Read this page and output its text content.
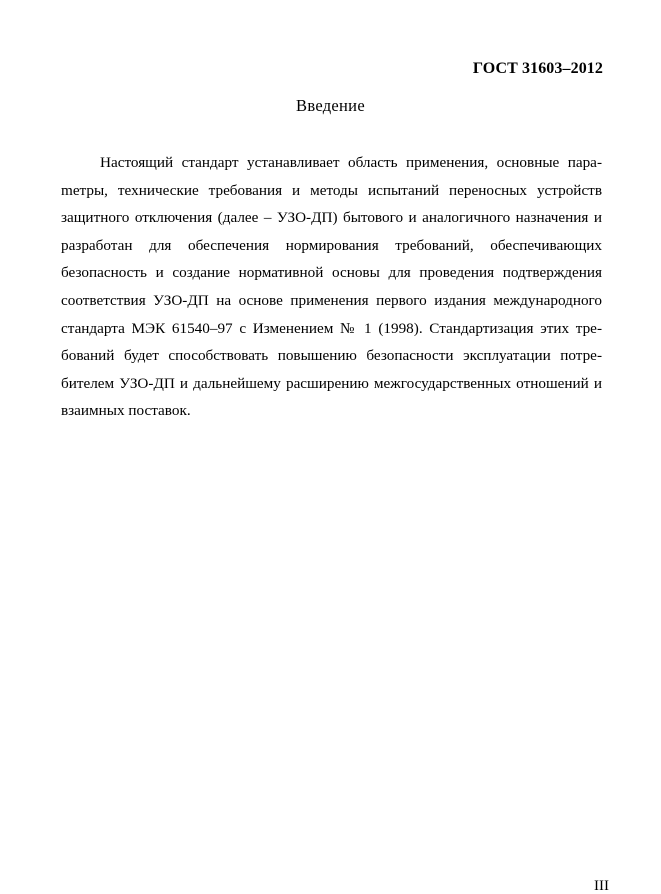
ГОСТ 31603–2012
Введение

Настоящий стандарт устанавливает область применения, основные параmетры, технические требования и методы испытаний переносных устройств защитного отключения (далее – УЗО-ДП) бытового и аналогичного назначения и разработан для обеспечения нормирования требований, обеспечивающих безопасность и создание нормативной основы для проведения подтверждения соответствия УЗО-ДП на основе применения первого издания международного стандарта МЭК 61540–97 с Изменением № 1 (1998). Стандартизация этих требований будет способствовать повышению безопасности эксплуатации потребителем УЗО-ДП и дальнейшему расширению межгосударственных отношений и взаимных поставок.

III
